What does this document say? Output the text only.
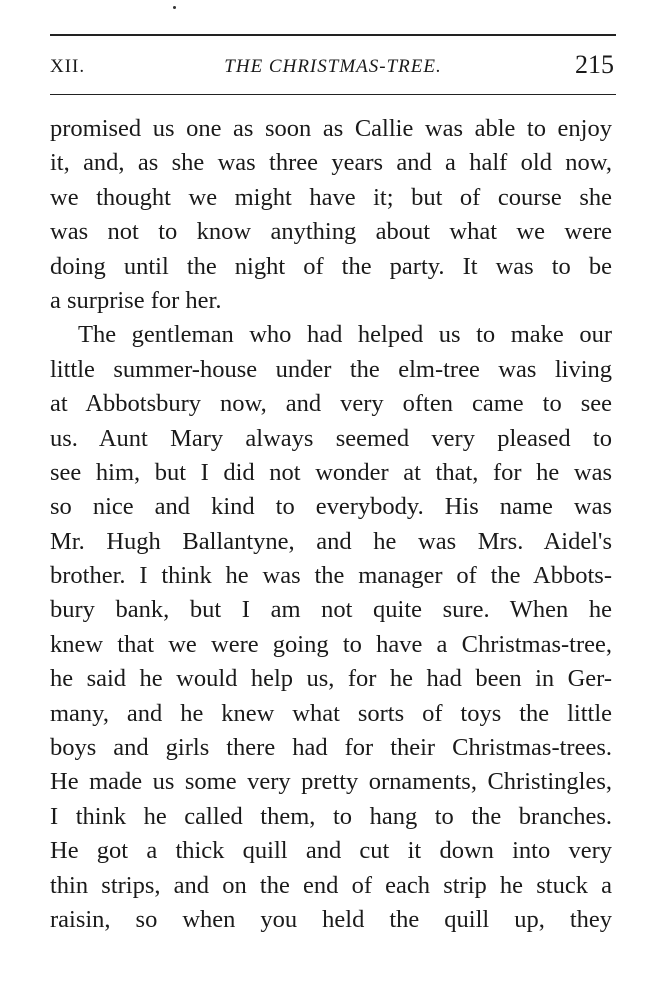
XII.	THE CHRISTMAS-TREE.	215
promised us one as soon as Callie was able to enjoy
it, and, as she was three years and a half old now,
we thought we might have it; but of course she
was not to know anything about what we were
doing until the night of the party. It was to be
a surprise for her.
The gentleman who had helped us to make our
little summer-house under the elm-tree was living
at Abbotsbury now, and very often came to see
us. Aunt Mary always seemed very pleased to
see him, but I did not wonder at that, for he was
so nice and kind to everybody. His name was
Mr. Hugh Ballantyne, and he was Mrs. Aidel's
brother. I think he was the manager of the Abbots-
bury bank, but I am not quite sure. When he
knew that we were going to have a Christmas-tree,
he said he would help us, for he had been in Ger-
many, and he knew what sorts of toys the little
boys and girls there had for their Christmas-trees.
He made us some very pretty ornaments, Christingles,
I think he called them, to hang to the branches.
He got a thick quill and cut it down into very
thin strips, and on the end of each strip he stuck a
raisin, so when you held the quill up, they
